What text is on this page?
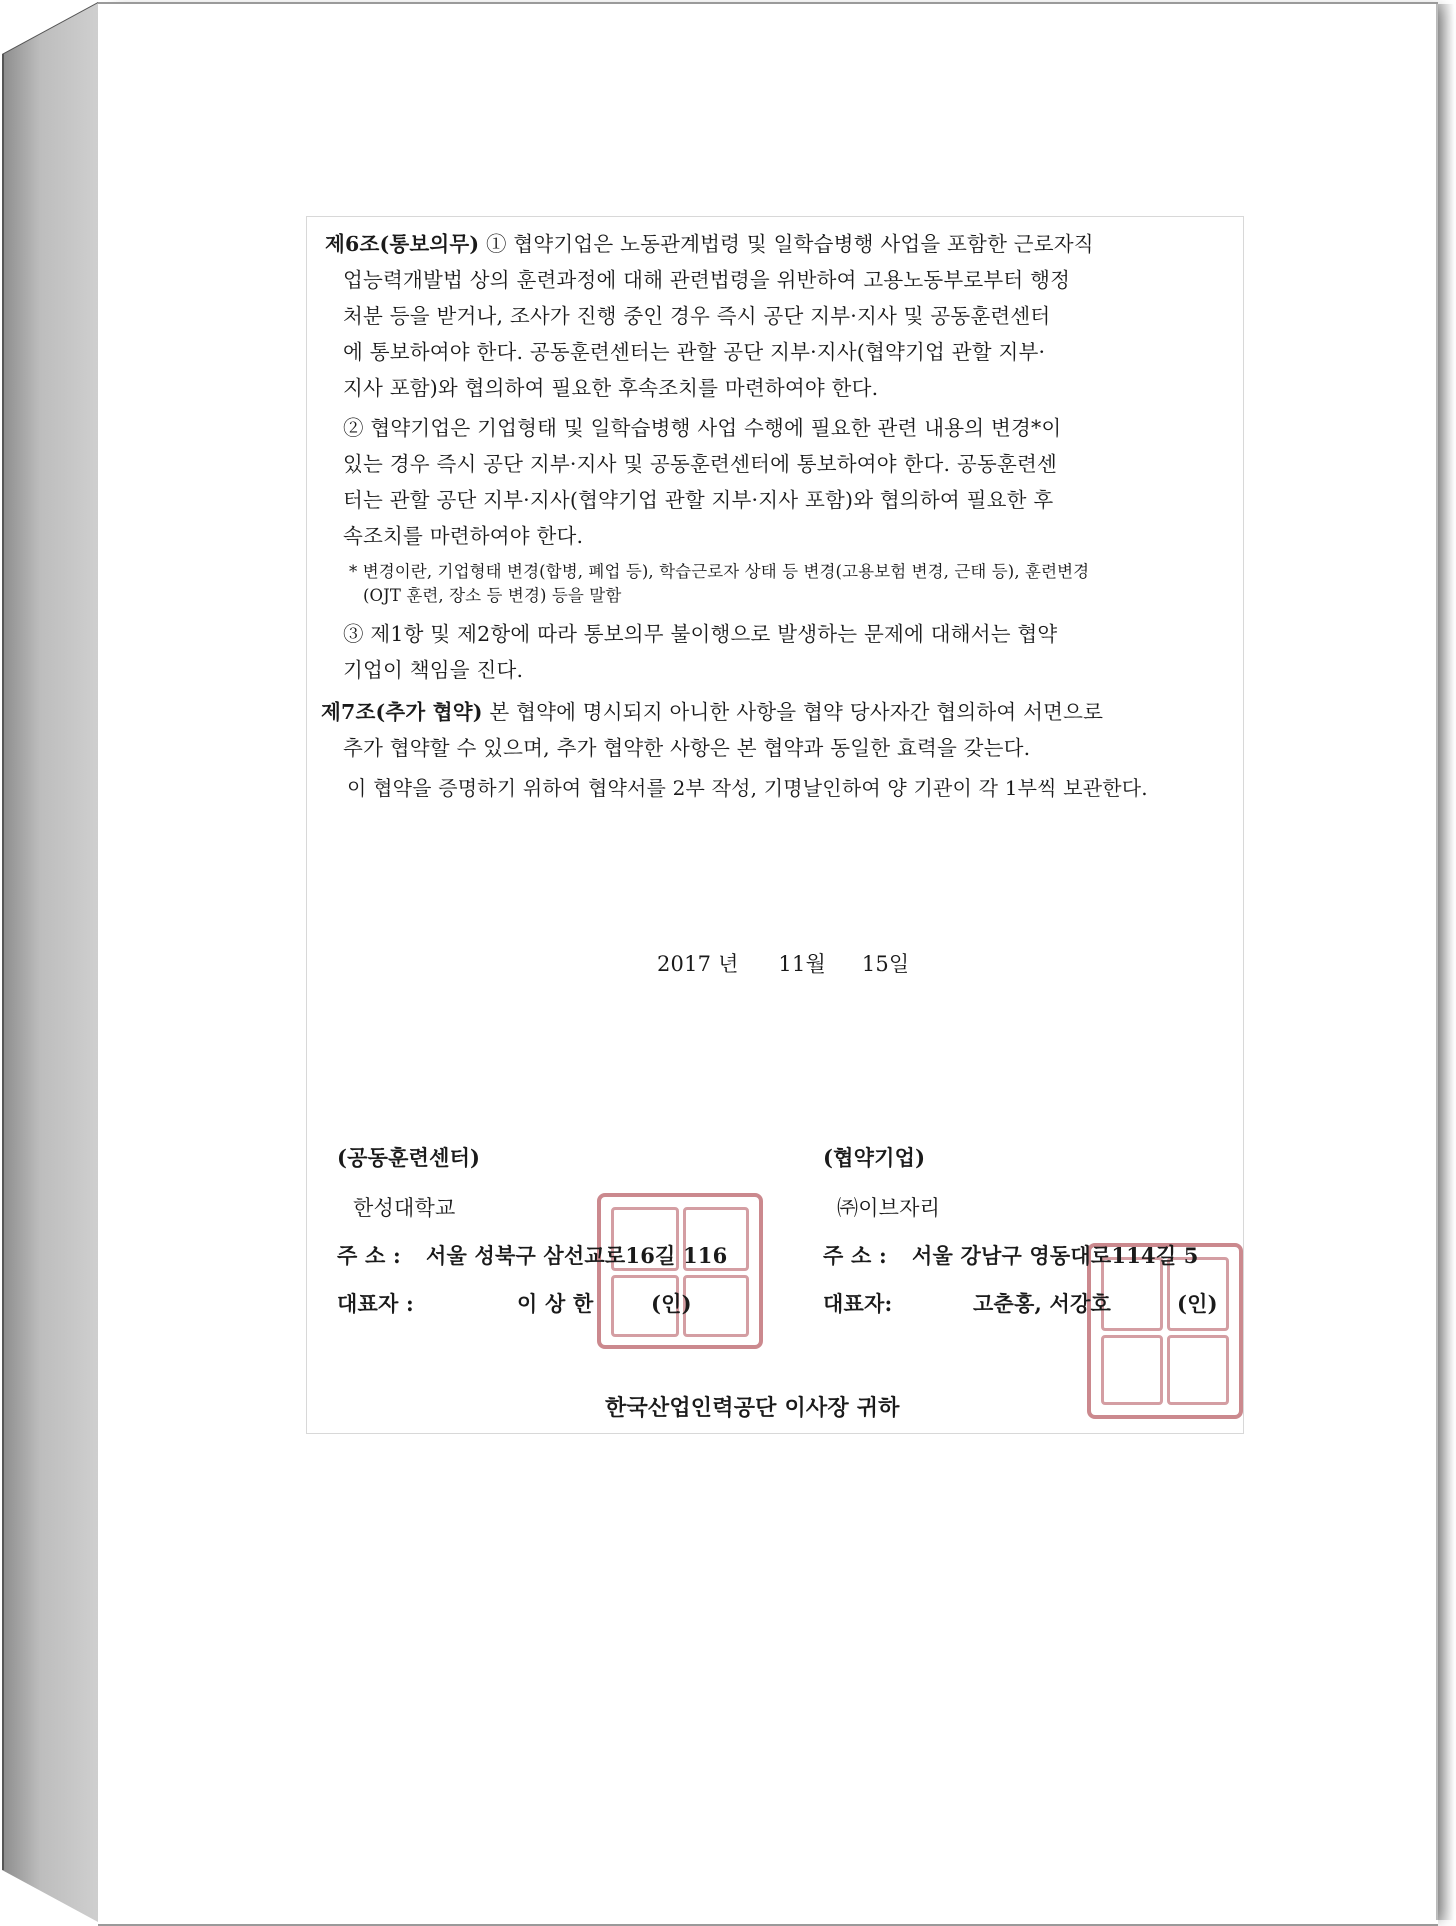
제6조(통보의무) ① 협약기업은 노동관계법령 및 일학습병행 사업을 포함한 근로자직
업능력개발법 상의 훈련과정에 대해 관련법령을 위반하여 고용노동부로부터 행정
처분 등을 받거나, 조사가 진행 중인 경우 즉시 공단 지부·지사 및 공동훈련센터
에 통보하여야 한다. 공동훈련센터는 관할 공단 지부·지사(협약기업 관할 지부·
지사 포함)와 협의하여 필요한 후속조치를 마련하여야 한다.
② 협약기업은 기업형태 및 일학습병행 사업 수행에 필요한 관련 내용의 변경*이
있는 경우 즉시 공단 지부·지사 및 공동훈련센터에 통보하여야 한다. 공동훈련센
터는 관할 공단 지부·지사(협약기업 관할 지부·지사 포함)와 협의하여 필요한 후
속조치를 마련하여야 한다.
* 변경이란, 기업형태 변경(합병, 폐업 등), 학습근로자 상태 등 변경(고용보험 변경, 근태 등), 훈련변경
(OJT 훈련, 장소 등 변경) 등을 말함
③ 제1항 및 제2항에 따라 통보의무 불이행으로 발생하는 문제에 대해서는 협약
기업이 책임을 진다.
제7조(추가 협약) 본 협약에 명시되지 아니한 사항을 협약 당사자간 협의하여 서면으로
추가 협약할 수 있으며, 추가 협약한 사항은 본 협약과 동일한 효력을 갖는다.
이 협약을 증명하기 위하여 협약서를 2부 작성, 기명날인하여 양 기관이 각 1부씩 보관한다.
2017 년 11월 15일
(공동훈련센터)
한성대학교
주 소 : 서울 성북구 삼선교로16길 116
대표자 :	이 상 한	(인)
(협약기업)
㈜이브자리
주 소 : 서울 강남구 영동대로114길 5
대표자:	고춘홍, 서강호	(인)
한국산업인력공단 이사장 귀하
